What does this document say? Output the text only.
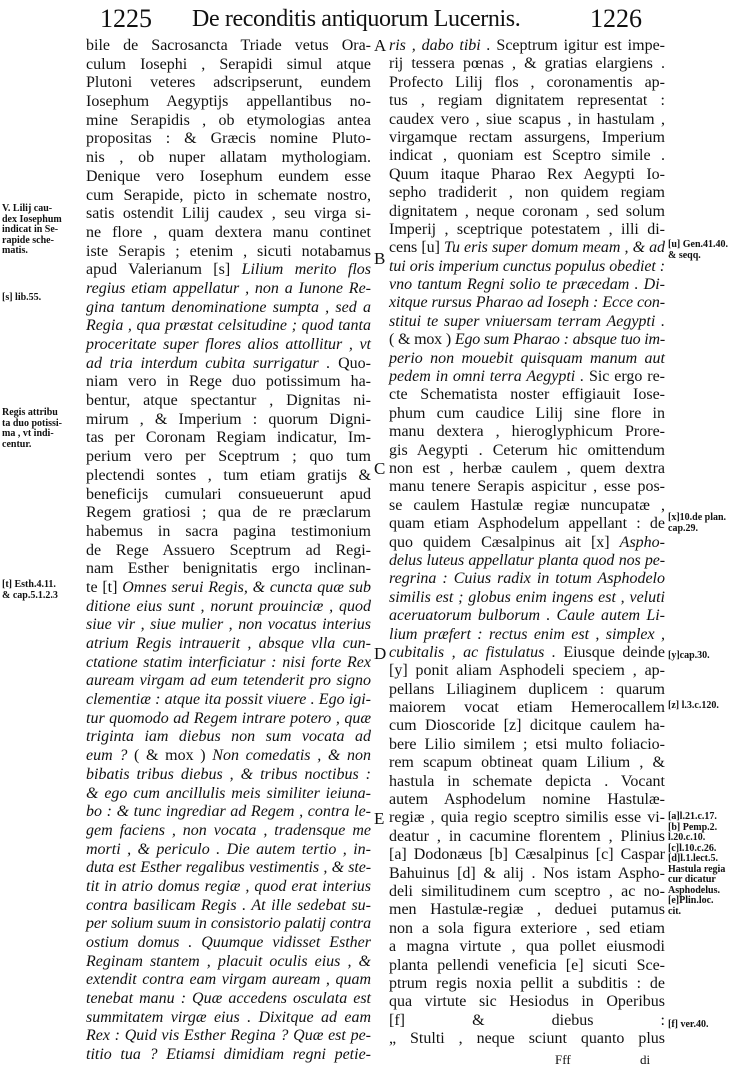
1225 De reconditis antiquorum Lucernis.	1226
bile de Sacrosancta Triade vetus Ora-
culum Iosephi , Serapidi simul atque
Plutoni veteres adscripserunt, eundem
Iosephum Aegyptijs appellantibus no-
mine Serapidis , ob etymologias antea
propositas : & Græcis nomine Pluto-
nis , ob nuper allatam mythologiam.
Denique vero Iosephum eundem esse
cum Serapide, picto in schemate nostro,
satis ostendit Lilij caudex , seu virga si-
ne flore , quam dextera manu continet
iste Serapis ; etenim , sicuti notabamus
apud Valerianum [s] Lilium merito flos
regius etiam appellatur , non a Iunone Re-
gina tantum denominatione sumpta , sed a
Regia , qua præstat celsitudine ; quod tanta
proceritate super flores alios attollitur , vt
ad tria interdum cubita surrigatur . Quo-
niam vero in Rege duo potissimum ha-
bentur, atque spectantur , Dignitas ni-
mirum , & Imperium : quorum Digni-
tas per Coronam Regiam indicatur, Im-
perium vero per Sceptrum ; quo tum
plectendi sontes , tum etiam gratijs &
beneficijs cumulari consueuerunt apud
Regem gratiosi ; qua de re præclarum
habemus in sacra pagina testimonium
de Rege Assuero Sceptrum ad Regi-
nam Esther benignitatis ergo inclinan-
te [t] Omnes serui Regis, & cuncta quæ sub
ditione eius sunt , norunt prouinciæ , quod
siue vir , siue mulier , non vocatus interius
atrium Regis intrauerit , absque vlla cun-
ctatione statim interficiatur : nisi forte Rex
auream virgam ad eum tetenderit pro signo
clementiæ : atque ita possit viuere . Ego igi-
tur quomodo ad Regem intrare potero , quæ
triginta iam diebus non sum vocata ad
eum ? ( & mox ) Non comedatis , & non
bibatis tribus diebus , & tribus noctibus :
& ego cum ancillulis meis similiter ieiuna-
bo : & tunc ingrediar ad Regem , contra le-
gem faciens , non vocata , tradensque me
morti , & periculo . Die autem tertio , in-
duta est Esther regalibus vestimentis , & ste-
tit in atrio domus regiæ , quod erat interius
contra basilicam Regis . At ille sedebat su-
per solium suum in consistorio palatij contra
ostium domus . Quumque vidisset Esther
Reginam stantem , placuit oculis eius , &
extendit contra eam virgam auream , quam
tenebat manu : Quæ accedens osculata est
summitatem virgæ eius . Dixitque ad eam
Rex : Quid vis Esther Regina ? Quæ est pe-
titio tua ? Etiamsi dimidiam regni petie-
ris , dabo tibi . Sceptrum igitur est impe-
rij tessera pœnas , & gratias elargiens .
Profecto Lilij flos , coronamentis ap-
tus , regiam dignitatem representat :
caudex vero , siue scapus , in hastulam ,
virgamque rectam assurgens, Imperium
indicat , quoniam est Sceptro simile .
Quum itaque Pharao Rex Aegypti Io-
sepho tradiderit , non quidem regiam
dignitatem , neque coronam , sed solum
Imperij , sceptrique potestatem , illi di-
cens [u] Tu eris super domum meam , & ad
tui oris imperium cunctus populus obediet :
vno tantum Regni solio te præcedam . Di-
xitque rursus Pharao ad Ioseph : Ecce con-
stitui te super vniuersam terram Aegypti .
( & mox ) Ego sum Pharao : absque tuo im-
perio non mouebit quisquam manum aut
pedem in omni terra Aegypti . Sic ergo re-
cte Schematista noster effigiauit Iose-
phum cum caudice Lilij sine flore in
manu dextera , hieroglyphicum Prore-
gis Aegypti . Ceterum hic omittendum
non est , herbæ caulem , quem dextra
manu tenere Serapis aspicitur , esse pos-
se caulem Hastulæ regiæ nuncupatæ ,
quam etiam Asphodelum appellant : de
quo quidem Cæsalpinus ait [x] Aspho-
delus luteus appellatur planta quod nos pe-
regrina : Cuius radix in totum Asphodelo
similis est ; globus enim ingens est , veluti
aceruatorum bulborum . Caule autem Li-
lium præfert : rectus enim est , simplex ,
cubitalis , ac fistulatus . Eiusque deinde
[y] ponit aliam Asphodeli speciem , ap-
pellans Liliaginem duplicem : quarum
maiorem vocat etiam Hemerocallem
cum Dioscoride [z] dicitque caulem ha-
bere Lilio similem ; etsi multo foliacio-
rem scapum obtineat quam Lilium , &
hastula in schemate depicta . Vocant
autem Asphodelum nomine Hastulæ-
regiæ , quia regio sceptro similis esse vi-
deatur , in cacumine florentem , Plinius
[a] Dodonæus [b] Cæsalpinus [c] Caspar
Bahuinus [d] & alij . Nos istam Aspho-
deli similitudinem cum sceptro , ac no-
men Hastulæ-regiæ , deduei putamus
non a sola figura exteriore , sed etiam
a magna virtute , qua pollet eiusmodi
planta pellendi veneficia [e] sicuti Sce-
ptrum regis noxia pellit a subditis : de
qua virtute sic Hesiodus in Operibus
[f] & diebus :
„ Stulti , neque sciunt quanto plus
A
B
C
D
E
V. Lilij cau-
dex Iosephum
indicat in Se-
rapide sche-
matis.
[s] lib.55.
Regis attribu
ta duo potissi-
ma , vt indi-
centur.
[t] Esth.4.11.
& cap.5.1.2.3
[u] Gen.41.40.
& seqq.
[x]10.de plan.
cap.29.
[y]cap.30.
[z] l.3.c.120.
[a]l.21.c.17.
[b] Pemp.2.
l.20.c.10.
[c]l.10.c.26.
[d]l.1.lect.5.
Hastula regia
cur dicatur
Asphodelus.
[e]Plin.loc.
cit.
[f] ver.40.
Fff	di
